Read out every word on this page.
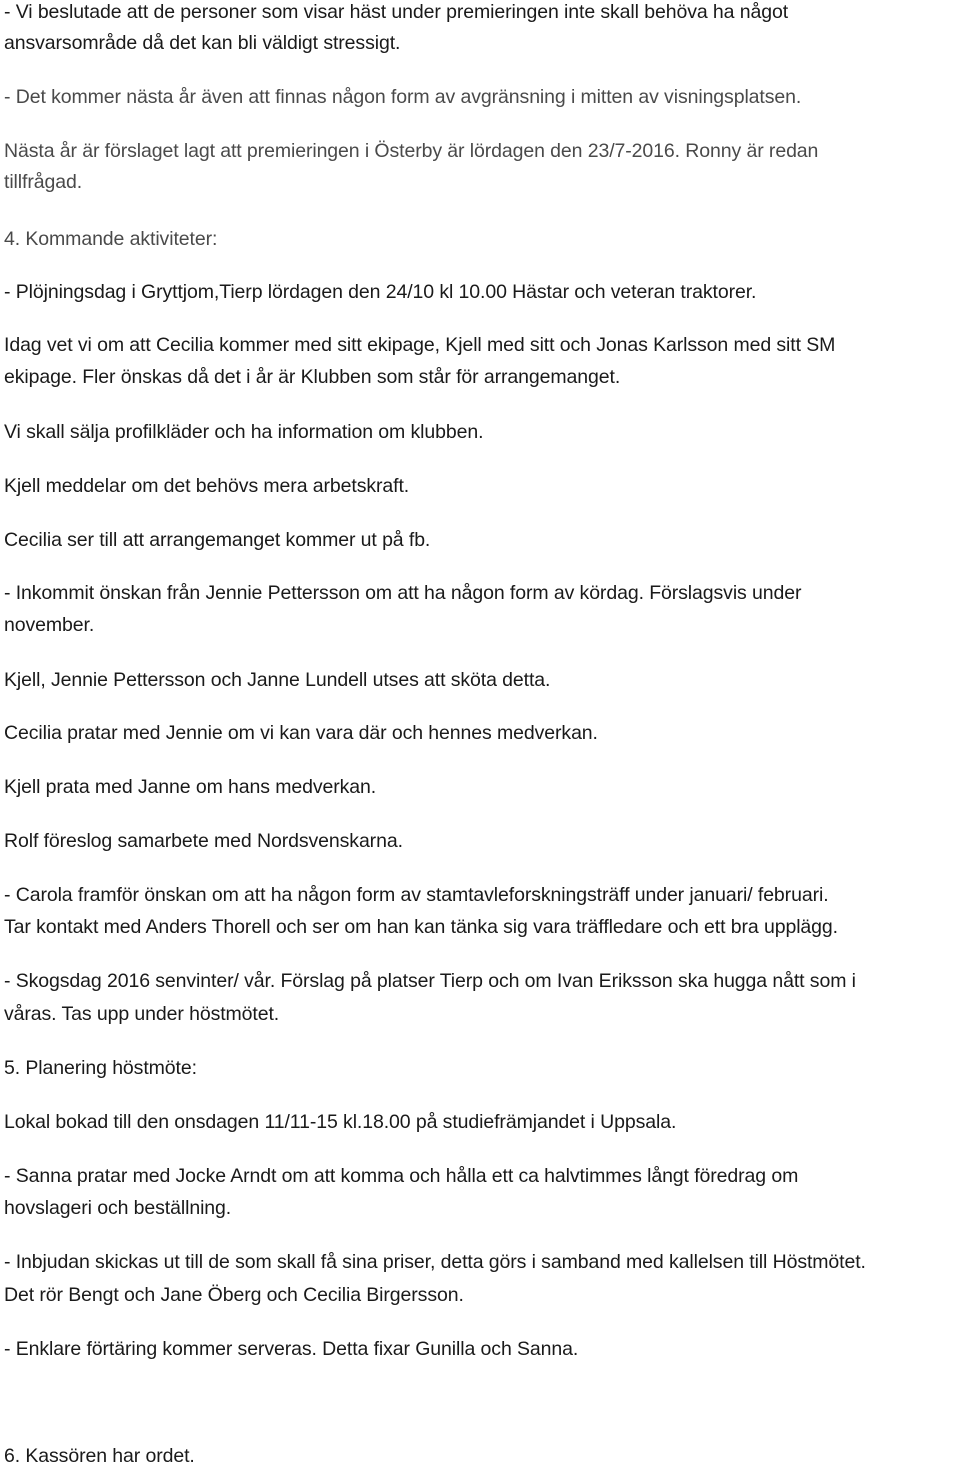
- Vi beslutade att de personer som visar häst under premieringen inte skall behöva ha något

ansvarsområde då det kan bli väldigt stressigt.

- Det kommer nästa år även att finnas någon form av avgränsning i mitten av visningsplatsen.

Nästa år är förslaget lagt att premieringen i Österby är lördagen den 23/7-2016. Ronny är redan

tillfrågad.

4. Kommande aktiviteter:

- Plöjningsdag i Gryttjom,Tierp lördagen den 24/10 kl 10.00 Hästar och veteran traktorer.

Idag vet vi om att Cecilia kommer med sitt ekipage, Kjell med sitt och Jonas Karlsson med sitt SM

ekipage. Fler önskas då det i år är Klubben som står för arrangemanget.

Vi skall sälja profilkläder och ha information om klubben.

Kjell meddelar om det behövs mera arbetskraft.

Cecilia ser till att arrangemanget kommer ut på fb.

- Inkommit önskan från Jennie Pettersson om att ha någon form av kördag. Förslagsvis under

november.

Kjell, Jennie Pettersson och Janne Lundell utses att sköta detta.

Cecilia pratar med Jennie om vi kan vara där och hennes medverkan.

Kjell prata med Janne om hans medverkan.

Rolf föreslog samarbete med Nordsvenskarna.

- Carola framför önskan om att ha någon form av stamtavleforskningsträff under januari/ februari.

Tar kontakt med Anders Thorell och ser om han kan tänka sig vara träffledare och ett bra upplägg.

- Skogsdag 2016 senvinter/ vår. Förslag på platser Tierp och om Ivan Eriksson ska hugga nått som i

våras. Tas upp under höstmötet.

5. Planering höstmöte:

Lokal bokad till den onsdagen 11/11-15 kl.18.00 på studiefrämjandet i Uppsala.

- Sanna pratar med Jocke Arndt om att komma och hålla ett ca halvtimmes långt föredrag om

hovslageri och beställning.

- Inbjudan skickas ut till de som skall få sina priser, detta görs i samband med kallelsen till Höstmötet.

Det rör Bengt och Jane Öberg och Cecilia Birgersson.

- Enklare förtäring kommer serveras. Detta fixar Gunilla och Sanna.

6. Kassören har ordet.
